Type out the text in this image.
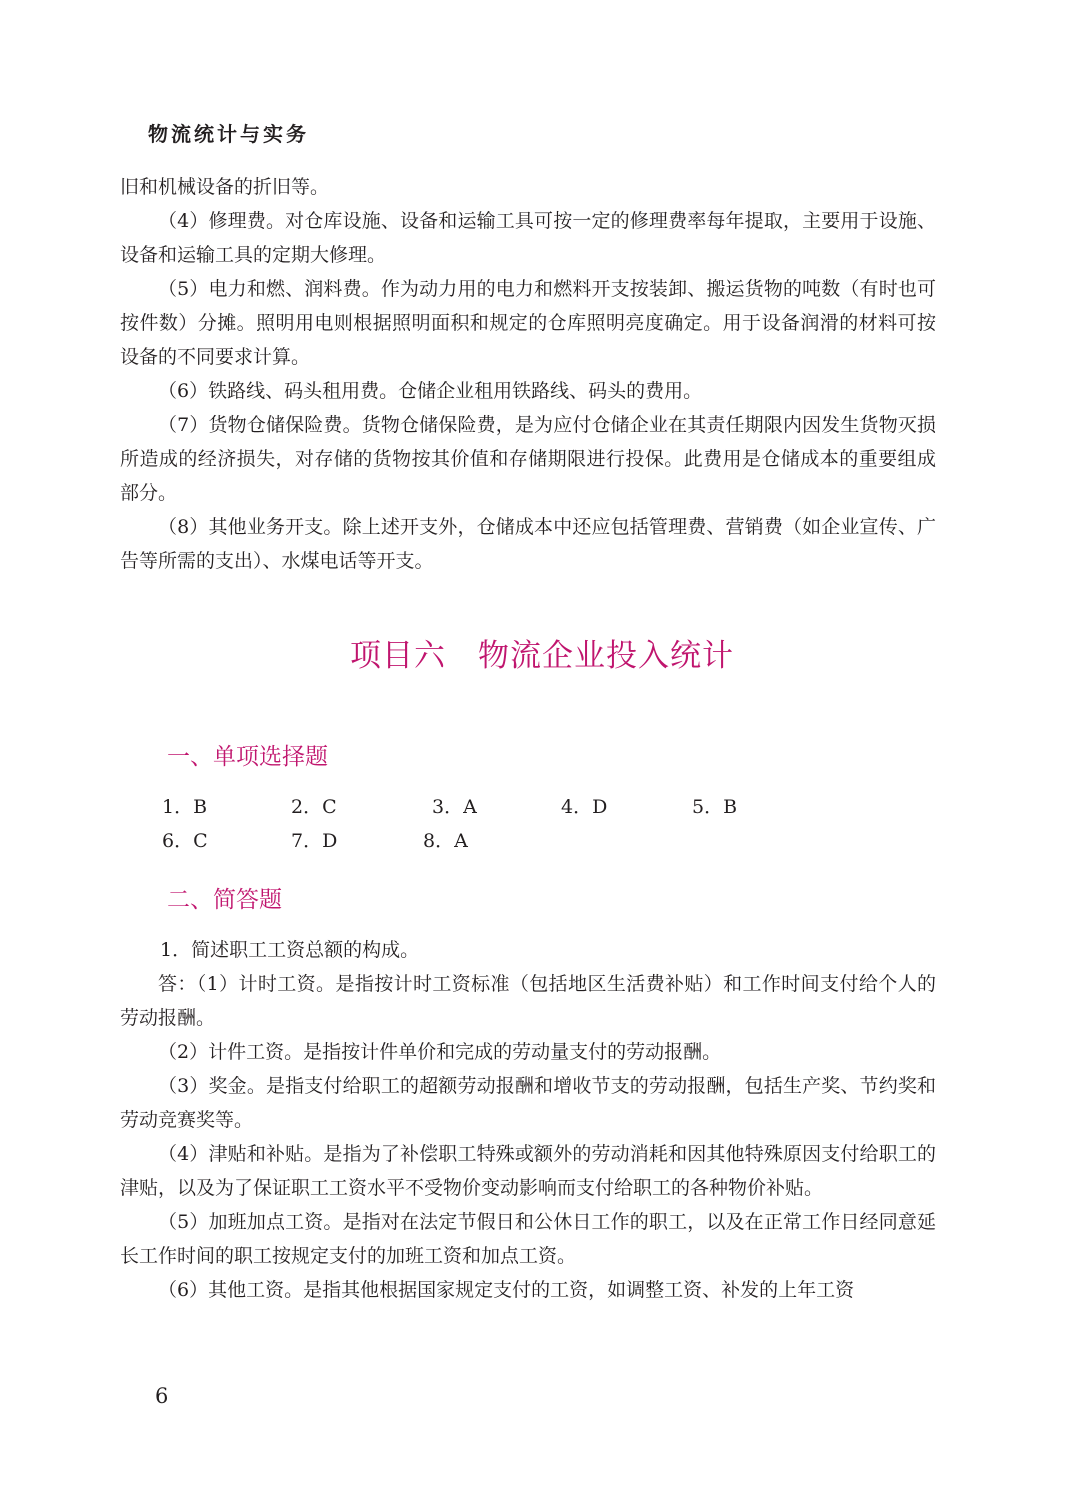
物流统计与实务

旧和机械设备的折旧等。

（4）修理费。对仓库设施、设备和运输工具可按一定的修理费率每年提取，主要用于设施、设备和运输工具的定期大修理。

（5）电力和燃、润料费。作为动力用的电力和燃料开支按装卸、搬运货物的吨数（有时也可按件数）分摊。照明用电则根据照明面积和规定的仓库照明亮度确定。用于设备润滑的材料可按设备的不同要求计算。

（6）铁路线、码头租用费。仓储企业租用铁路线、码头的费用。

（7）货物仓储保险费。货物仓储保险费，是为应付仓储企业在其责任期限内因发生货物灭损所造成的经济损失，对存储的货物按其价值和存储期限进行投保。此费用是仓储成本的重要组成部分。

（8）其他业务开支。除上述开支外，仓储成本中还应包括管理费、营销费（如企业宣传、广告等所需的支出）、水煤电话等开支。

项目六　物流企业投入统计
一、单项选择题
1．B	2．C	3．A	4．D	5．B
6．C	7．D	8．A
二、简答题

1．简述职工工资总额的构成。

答：（1）计时工资。是指按计时工资标准（包括地区生活费补贴）和工作时间支付给个人的劳动报酬。

（2）计件工资。是指按计件单价和完成的劳动量支付的劳动报酬。

（3）奖金。是指支付给职工的超额劳动报酬和增收节支的劳动报酬，包括生产奖、节约奖和劳动竞赛奖等。

（4）津贴和补贴。是指为了补偿职工特殊或额外的劳动消耗和因其他特殊原因支付给职工的津贴，以及为了保证职工工资水平不受物价变动影响而支付给职工的各种物价补贴。

（5）加班加点工资。是指对在法定节假日和公休日工作的职工，以及在正常工作日经同意延长工作时间的职工按规定支付的加班工资和加点工资。

（6）其他工资。是指其他根据国家规定支付的工资，如调整工资、补发的上年工资

6
